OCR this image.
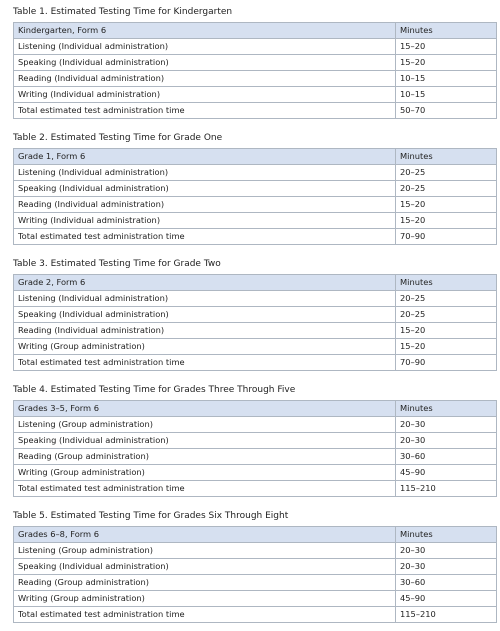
Table 1. Estimated Testing Time for Kindergarten
Kindergarten, Form 6	Minutes
Listening (Individual administration)	15–20
Speaking (Individual administration)	15–20
Reading (Individual administration)	10–15
Writing (Individual administration)	10–15
Total estimated test administration time	50–70
Table 2. Estimated Testing Time for Grade One
Grade 1, Form 6	Minutes
Listening (Individual administration)	20–25
Speaking (Individual administration)	20–25
Reading (Individual administration)	15–20
Writing (Individual administration)	15–20
Total estimated test administration time	70–90
Table 3. Estimated Testing Time for Grade Two
Grade 2, Form 6	Minutes
Listening (Individual administration)	20–25
Speaking (Individual administration)	20–25
Reading (Individual administration)	15–20
Writing (Group administration)	15–20
Total estimated test administration time	70–90
Table 4. Estimated Testing Time for Grades Three Through Five
Grades 3–5, Form 6	Minutes
Listening (Group administration)	20–30
Speaking (Individual administration)	20–30
Reading (Group administration)	30–60
Writing (Group administration)	45–90
Total estimated test administration time	115–210
Table 5. Estimated Testing Time for Grades Six Through Eight
Grades 6–8, Form 6	Minutes
Listening (Group administration)	20–30
Speaking (Individual administration)	20–30
Reading (Group administration)	30–60
Writing (Group administration)	45–90
Total estimated test administration time	115–210
